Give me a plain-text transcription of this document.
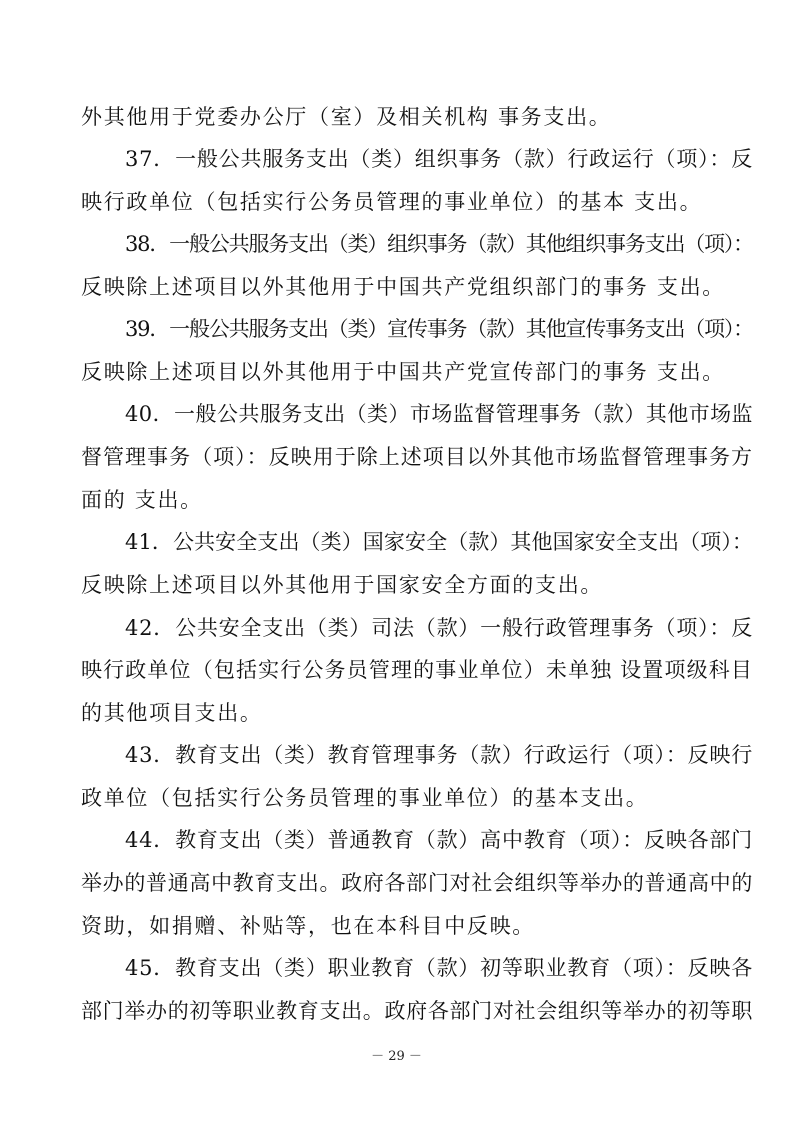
外其他用于党委办公厅（室）及相关机构 事务支出。
37．一般公共服务支出（类）组织事务（款）行政运行（项）：反
映行政单位（包括实行公务员管理的事业单位）的基本 支出。
38．一般公共服务支出（类）组织事务（款）其他组织事务支出（项）：
反映除上述项目以外其他用于中国共产党组织部门的事务 支出。
39．一般公共服务支出（类）宣传事务（款）其他宣传事务支出（项）：
反映除上述项目以外其他用于中国共产党宣传部门的事务 支出。
40．一般公共服务支出（类）市场监督管理事务（款）其他市场监
督管理事务（项）：反映用于除上述项目以外其他市场监督管理事务方
面的 支出。
41．公共安全支出（类）国家安全（款）其他国家安全支出（项）：
反映除上述项目以外其他用于国家安全方面的支出。
42．公共安全支出（类）司法（款）一般行政管理事务（项）：反
映行政单位（包括实行公务员管理的事业单位）未单独 设置项级科目
的其他项目支出。
43．教育支出（类）教育管理事务（款）行政运行（项）：反映行
政单位（包括实行公务员管理的事业单位）的基本支出。
44．教育支出（类）普通教育（款）高中教育（项）：反映各部门
举办的普通高中教育支出。政府各部门对社会组织等举办的普通高中的
资助，如捐赠、补贴等，也在本科目中反映。
45．教育支出（类）职业教育（款）初等职业教育（项）：反映各
部门举办的初等职业教育支出。政府各部门对社会组织等举办的初等职
－ 29 －
